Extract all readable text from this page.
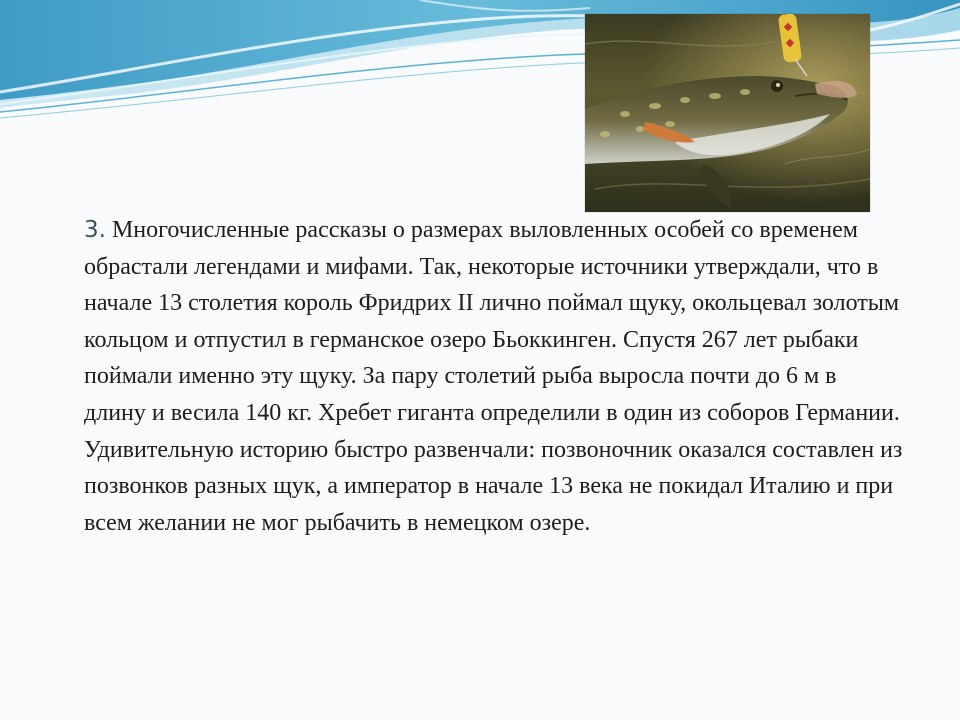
3. Многочисленные рассказы о размерах выловленных особей со временем обрастали легендами и мифами. Так, некоторые источники утверждали, что в начале 13 столетия король Фридрих II лично поймал щуку, окольцевал золотым кольцом и отпустил в германское озеро Бьоккинген. Спустя 267 лет рыбаки поймали именно эту щуку. За пару столетий рыба выросла почти до 6 м в длину и весила 140 кг. Хребет гиганта определили в один из соборов Германии. Удивительную историю быстро развенчали: позвоночник оказался составлен из позвонков разных щук, а император в начале 13 века не покидал Италию и при всем желании не мог рыбачить в немецком озере.
